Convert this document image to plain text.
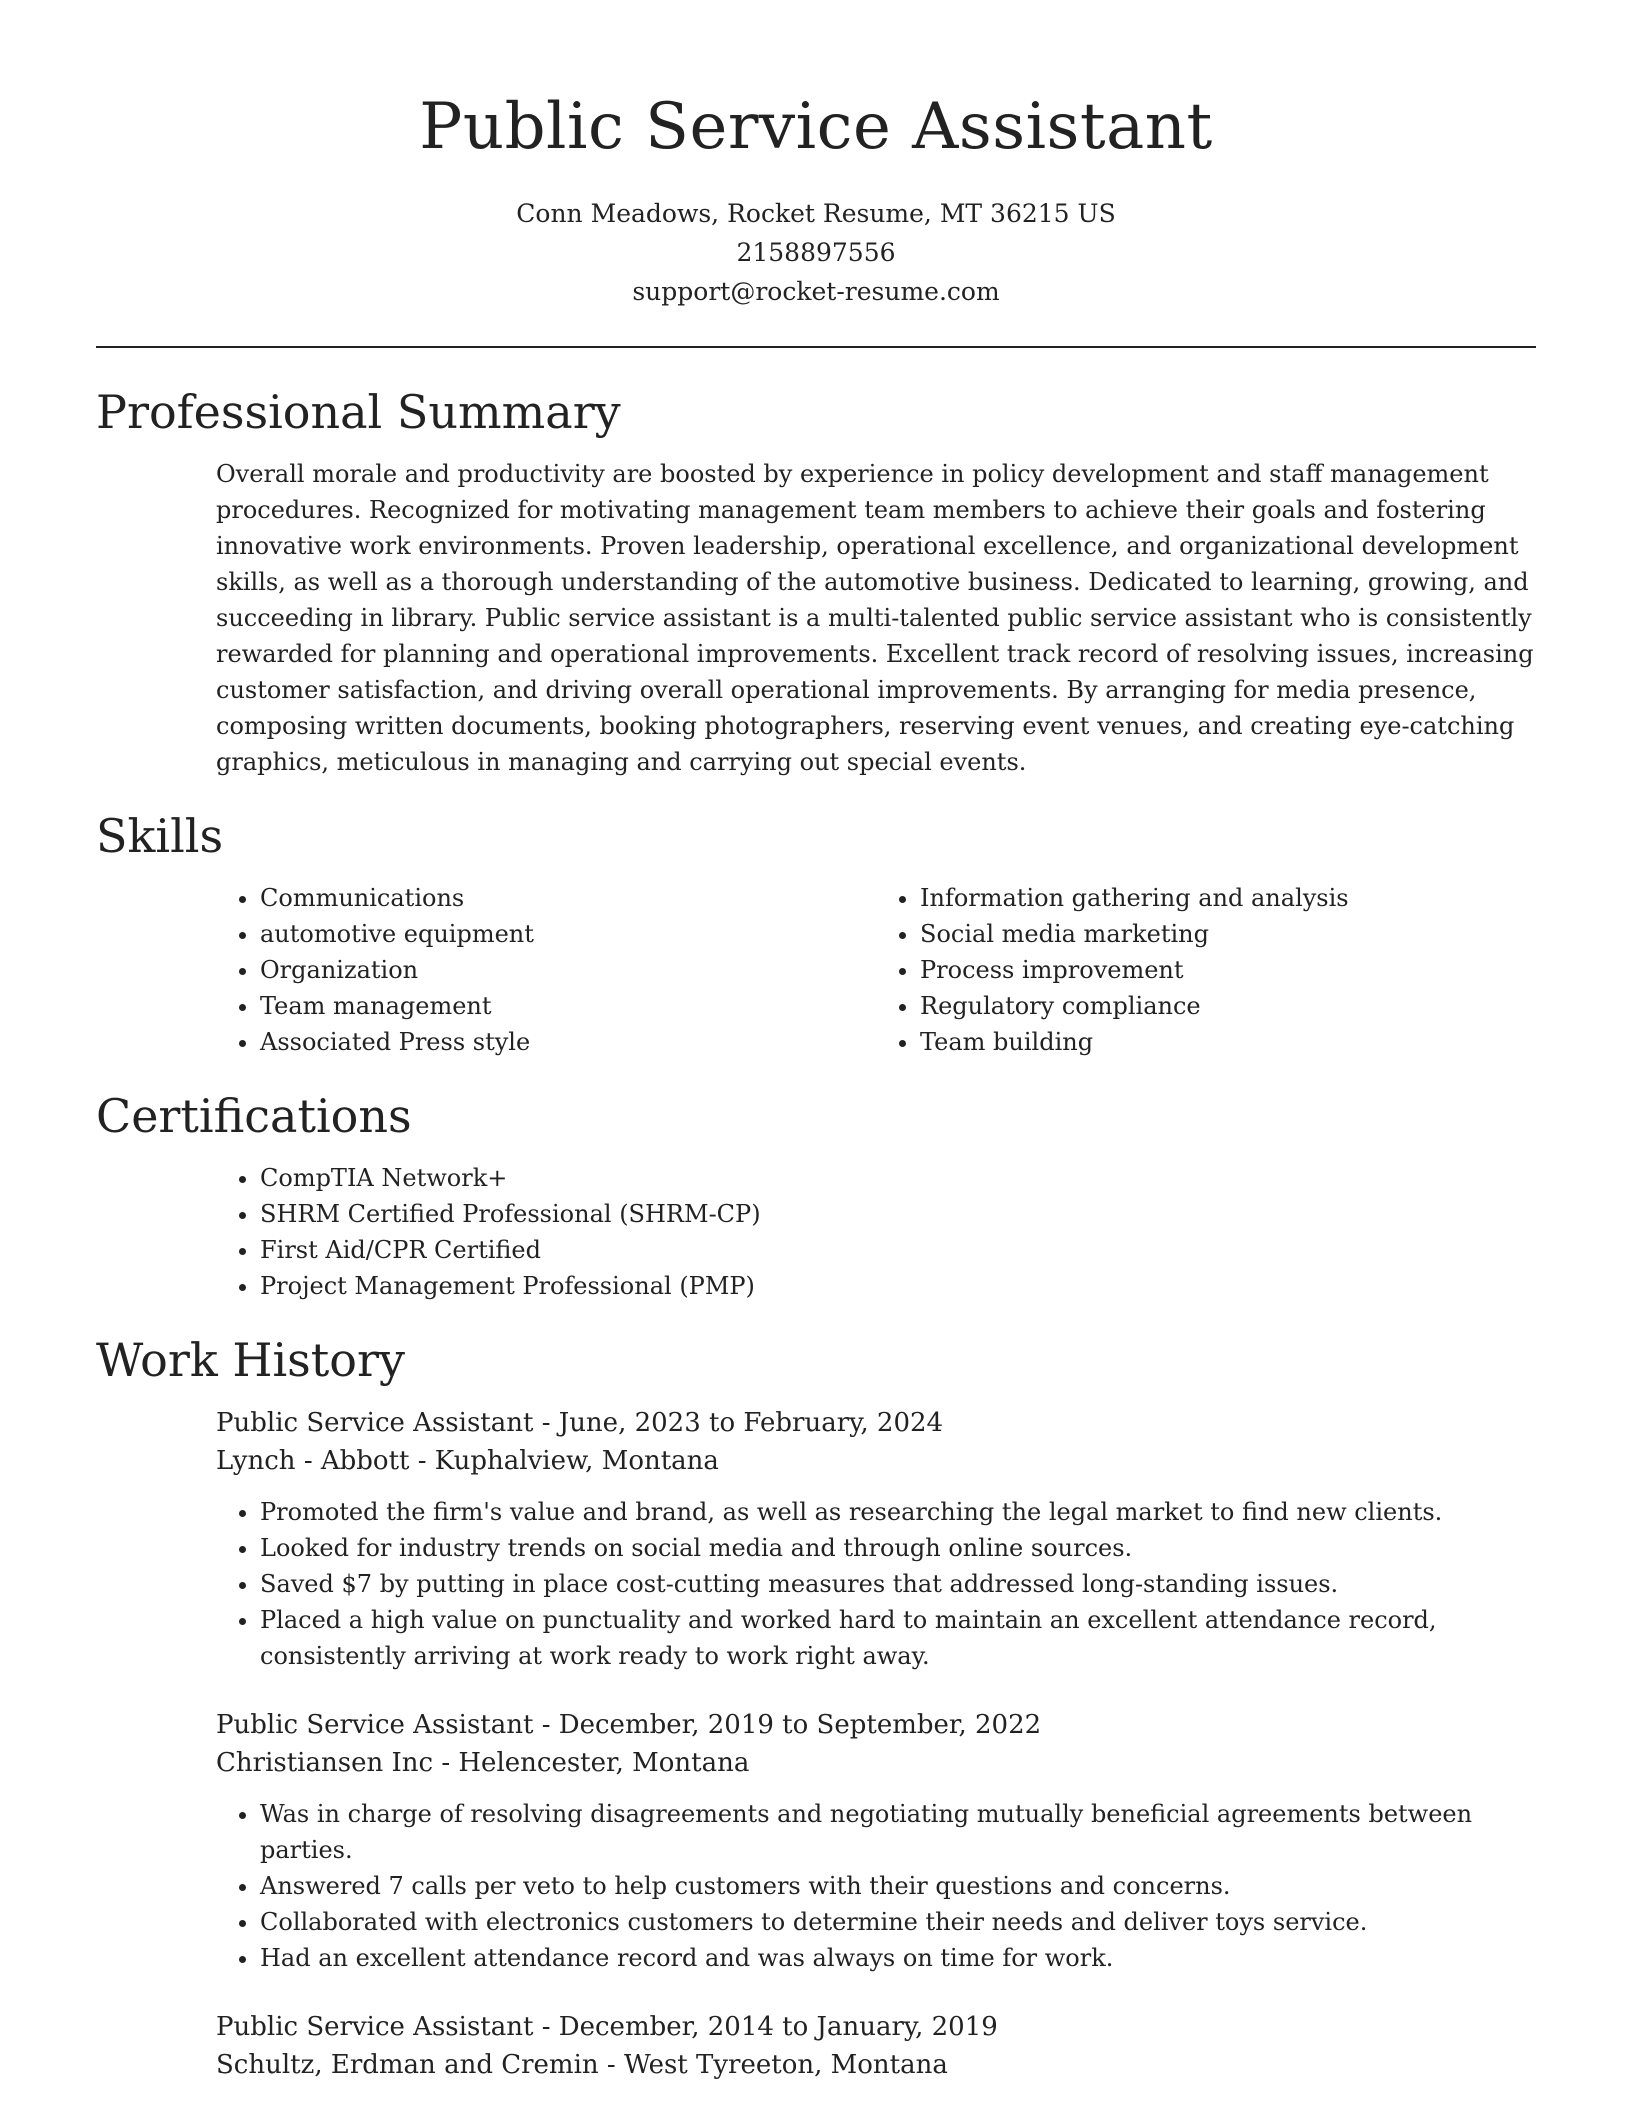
Public Service Assistant
Conn Meadows, Rocket Resume, MT 36215 US
2158897556
support@rocket-resume.com
Professional Summary

Overall morale and productivity are boosted by experience in policy development and staff management procedures. Recognized for motivating management team members to achieve their goals and fostering innovative work environments. Proven leadership, operational excellence, and organizational development skills, as well as a thorough understanding of the automotive business. Dedicated to learning, growing, and succeeding in library. Public service assistant is a multi-talented public service assistant who is consistently rewarded for planning and operational improvements. Excellent track record of resolving issues, increasing customer satisfaction, and driving overall operational improvements. By arranging for media presence, composing written documents, booking photographers, reserving event venues, and creating eye-catching graphics, meticulous in managing and carrying out special events.

Skills
• Communications
• automotive equipment
• Organization
• Team management
• Associated Press style
• Information gathering and analysis
• Social media marketing
• Process improvement
• Regulatory compliance
• Team building
Certifications
• CompTIA Network+
• SHRM Certified Professional (SHRM-CP)
• First Aid/CPR Certified
• Project Management Professional (PMP)
Work History
Public Service Assistant - June, 2023 to February, 2024
Lynch - Abbott - Kuphalview, Montana
• Promoted the firm's value and brand, as well as researching the legal market to find new clients.
• Looked for industry trends on social media and through online sources.
• Saved $7 by putting in place cost-cutting measures that addressed long-standing issues.
• Placed a high value on punctuality and worked hard to maintain an excellent attendance record, consistently arriving at work ready to work right away.
Public Service Assistant - December, 2019 to September, 2022
Christiansen Inc - Helencester, Montana
• Was in charge of resolving disagreements and negotiating mutually beneficial agreements between parties.
• Answered 7 calls per veto to help customers with their questions and concerns.
• Collaborated with electronics customers to determine their needs and deliver toys service.
• Had an excellent attendance record and was always on time for work.
Public Service Assistant - December, 2014 to January, 2019
Schultz, Erdman and Cremin - West Tyreeton, Montana
